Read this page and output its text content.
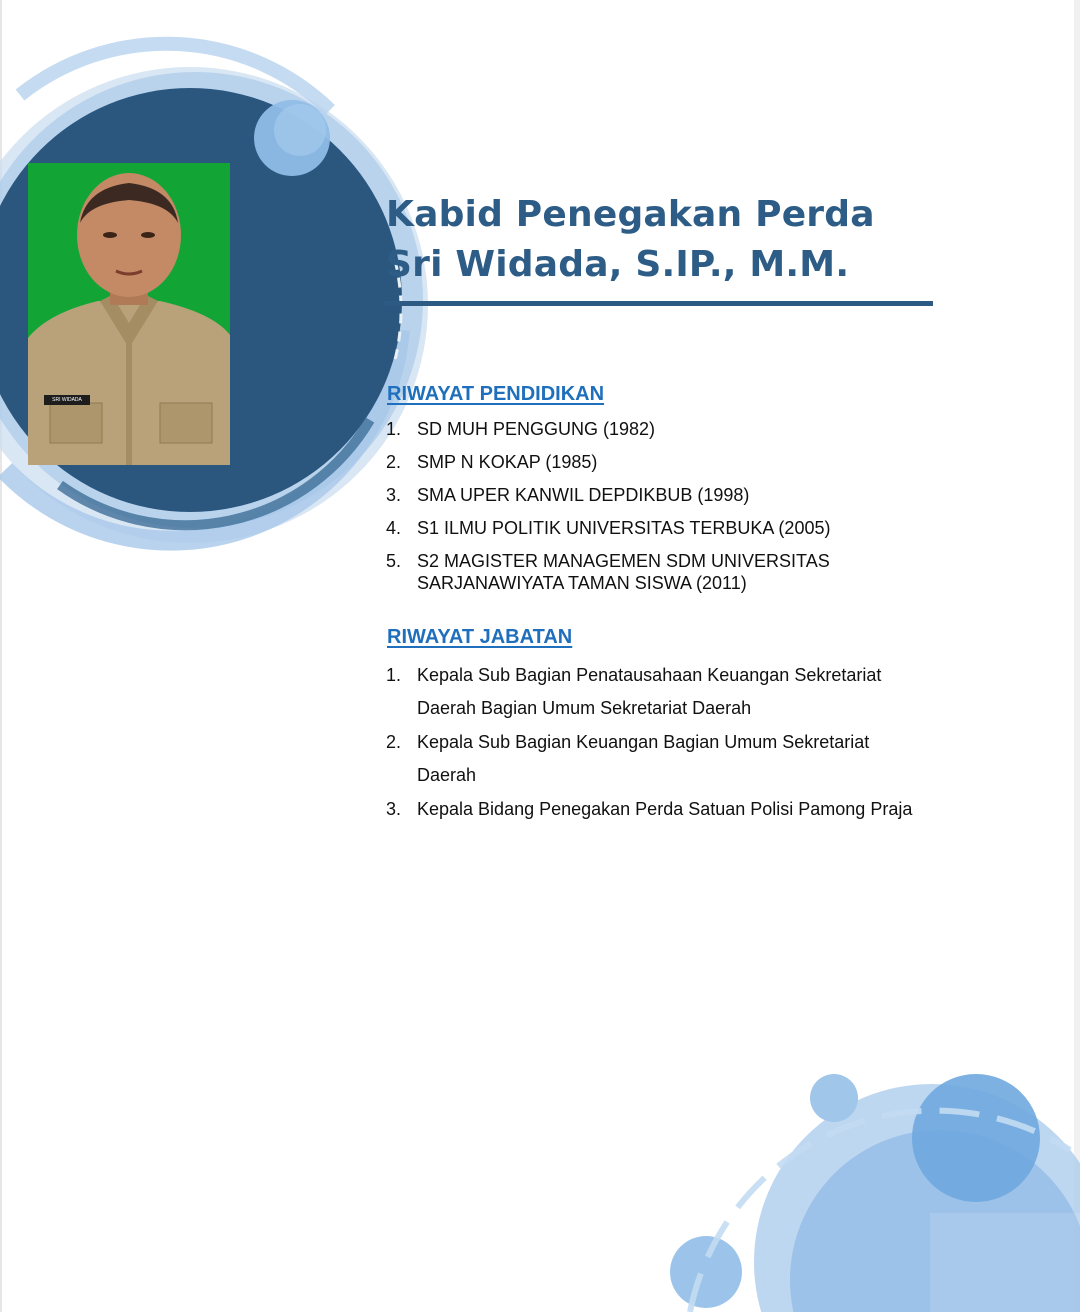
SRI WIDADA
Kabid Penegakan Perda
Sri Widada, S.IP., M.M.
RIWAYAT PENDIDIKAN
1. SD MUH PENGGUNG (1982)
2. SMP N KOKAP (1985)
3. SMA UPER KANWIL DEPDIKBUB (1998)
4. S1 ILMU POLITIK UNIVERSITAS TERBUKA (2005)
5. S2 MAGISTER MANAGEMEN SDM UNIVERSITAS SARJANAWIYATA TAMAN SISWA (2011)
RIWAYAT JABATAN
1. Kepala Sub Bagian Penatausahaan Keuangan Sekretariat Daerah Bagian Umum Sekretariat Daerah
2. Kepala Sub Bagian Keuangan Bagian Umum Sekretariat Daerah
3. Kepala Bidang Penegakan Perda Satuan Polisi Pamong Praja
